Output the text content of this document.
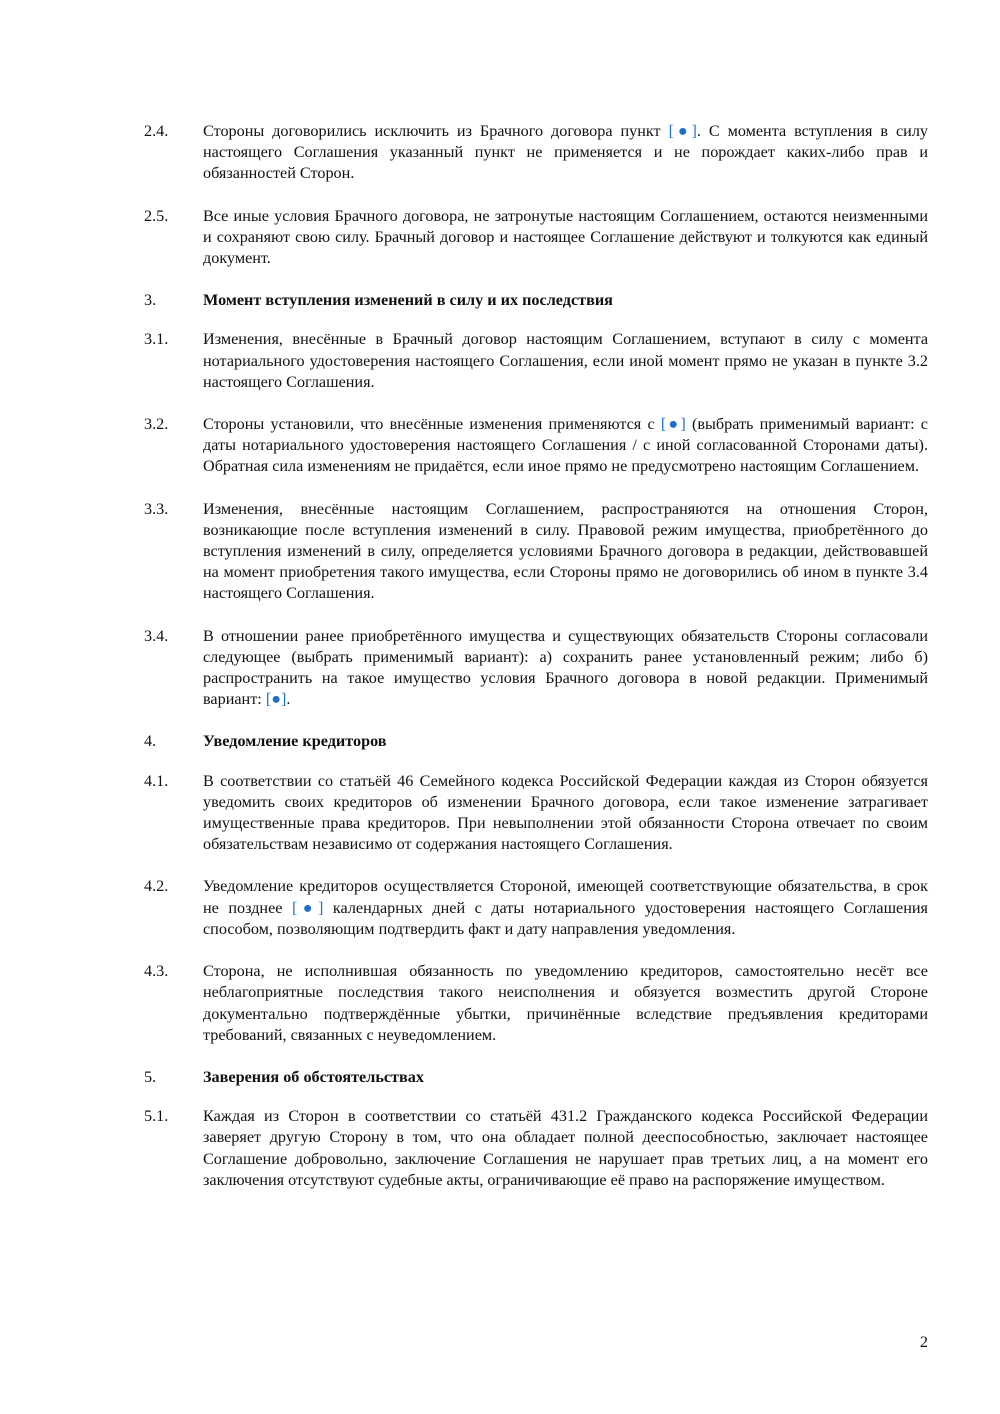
2.4.	Стороны договорились исключить из Брачного договора пункт [●]. С момента вступления в силу настоящего Соглашения указанный пункт не применяется и не порождает каких-либо прав и обязанностей Сторон.
2.5.	Все иные условия Брачного договора, не затронутые настоящим Соглашением, остаются неизменными и сохраняют свою силу. Брачный договор и настоящее Соглашение действуют и толкуются как единый документ.
3.	Момент вступления изменений в силу и их последствия
3.1.	Изменения, внесённые в Брачный договор настоящим Соглашением, вступают в силу с момента нотариального удостоверения настоящего Соглашения, если иной момент прямо не указан в пункте 3.2 настоящего Соглашения.
3.2.	Стороны установили, что внесённые изменения применяются с [●] (выбрать применимый вариант: с даты нотариального удостоверения настоящего Соглашения / с иной согласованной Сторонами даты). Обратная сила изменениям не придаётся, если иное прямо не предусмотрено настоящим Соглашением.
3.3.	Изменения, внесённые настоящим Соглашением, распространяются на отношения Сторон, возникающие после вступления изменений в силу. Правовой режим имущества, приобретённого до вступления изменений в силу, определяется условиями Брачного договора в редакции, действовавшей на момент приобретения такого имущества, если Стороны прямо не договорились об ином в пункте 3.4 настоящего Соглашения.
3.4.	В отношении ранее приобретённого имущества и существующих обязательств Стороны согласовали следующее (выбрать применимый вариант): а) сохранить ранее установленный режим; либо б) распространить на такое имущество условия Брачного договора в новой редакции. Применимый вариант: [●].
4.	Уведомление кредиторов
4.1.	В соответствии со статьёй 46 Семейного кодекса Российской Федерации каждая из Сторон обязуется уведомить своих кредиторов об изменении Брачного договора, если такое изменение затрагивает имущественные права кредиторов. При невыполнении этой обязанности Сторона отвечает по своим обязательствам независимо от содержания настоящего Соглашения.
4.2.	Уведомление кредиторов осуществляется Стороной, имеющей соответствующие обязательства, в срок не позднее [●] календарных дней с даты нотариального удостоверения настоящего Соглашения способом, позволяющим подтвердить факт и дату направления уведомления.
4.3.	Сторона, не исполнившая обязанность по уведомлению кредиторов, самостоятельно несёт все неблагоприятные последствия такого неисполнения и обязуется возместить другой Стороне документально подтверждённые убытки, причинённые вследствие предъявления кредиторами требований, связанных с неуведомлением.
5.	Заверения об обстоятельствах
5.1.	Каждая из Сторон в соответствии со статьёй 431.2 Гражданского кодекса Российской Федерации заверяет другую Сторону в том, что она обладает полной дееспособностью, заключает настоящее Соглашение добровольно, заключение Соглашения не нарушает прав третьих лиц, а на момент его заключения отсутствуют судебные акты, ограничивающие её право на распоряжение имуществом.
2
